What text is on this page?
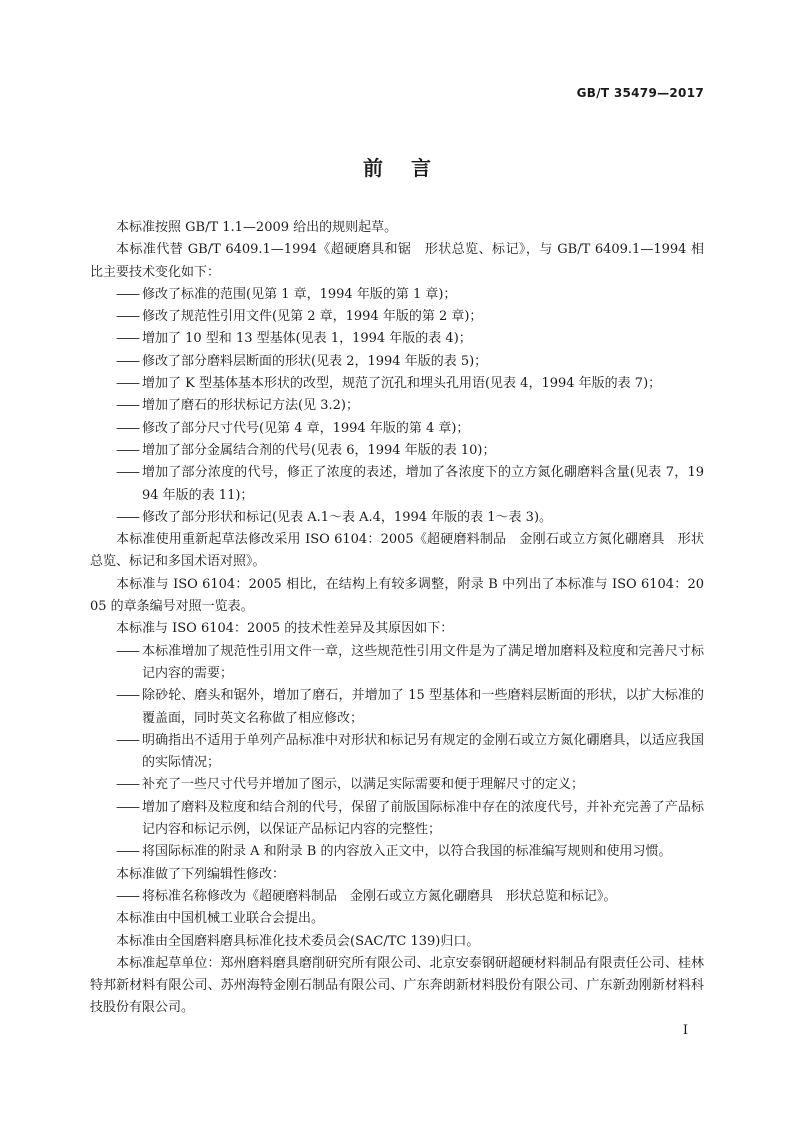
GB/T 35479—2017
前言

本标准按照 GB/T 1.1—2009 给出的规则起草。

本标准代替 GB/T 6409.1—1994《超硬磨具和锯　形状总览、标记》，与 GB/T 6409.1—1994 相比主要技术变化如下：

——
修改了标准的范围(见第 1 章，1994 年版的第 1 章)；
——
修改了规范性引用文件(见第 2 章，1994 年版的第 2 章)；
——
增加了 10 型和 13 型基体(见表 1，1994 年版的表 4)；
——
修改了部分磨料层断面的形状(见表 2，1994 年版的表 5)；
——
增加了 K 型基体基本形状的改型，规范了沉孔和埋头孔用语(见表 4，1994 年版的表 7)；
——
增加了磨石的形状标记方法(见 3.2)；
——
修改了部分尺寸代号(见第 4 章，1994 年版的第 4 章)；
——
增加了部分金属结合剂的代号(见表 6，1994 年版的表 10)；
——
增加了部分浓度的代号，修正了浓度的表述，增加了各浓度下的立方氮化硼磨料含量(见表 7，1994 年版的表 11)；
——
修改了部分形状和标记(见表 A.1～表 A.4，1994 年版的表 1～表 3)。

本标准使用重新起草法修改采用 ISO 6104：2005《超硬磨料制品　金刚石或立方氮化硼磨具　形状总览、标记和多国术语对照》。

本标准与 ISO 6104：2005 相比，在结构上有较多调整，附录 B 中列出了本标准与 ISO 6104：2005 的章条编号对照一览表。

本标准与 ISO 6104：2005 的技术性差异及其原因如下：

——
本标准增加了规范性引用文件一章，这些规范性引用文件是为了满足增加磨料及粒度和完善尺寸标记内容的需要；
——
除砂轮、磨头和锯外，增加了磨石，并增加了 15 型基体和一些磨料层断面的形状，以扩大标准的覆盖面，同时英文名称做了相应修改；
——
明确指出不适用于单列产品标准中对形状和标记另有规定的金刚石或立方氮化硼磨具，以适应我国的实际情况；
——
补充了一些尺寸代号并增加了图示，以满足实际需要和便于理解尺寸的定义；
——
增加了磨料及粒度和结合剂的代号，保留了前版国际标准中存在的浓度代号，并补充完善了产品标记内容和标记示例，以保证产品标记内容的完整性；
——
将国际标准的附录 A 和附录 B 的内容放入正文中，以符合我国的标准编写规则和使用习惯。

本标准做了下列编辑性修改：

——
将标准名称修改为《超硬磨料制品　金刚石或立方氮化硼磨具　形状总览和标记》。

本标准由中国机械工业联合会提出。

本标准由全国磨料磨具标准化技术委员会(SAC/TC 139)归口。

本标准起草单位：郑州磨料磨具磨削研究所有限公司、北京安泰钢研超硬材料制品有限责任公司、桂林特邦新材料有限公司、苏州海特金刚石制品有限公司、广东奔朗新材料股份有限公司、广东新劲刚新材料科技股份有限公司。

I
